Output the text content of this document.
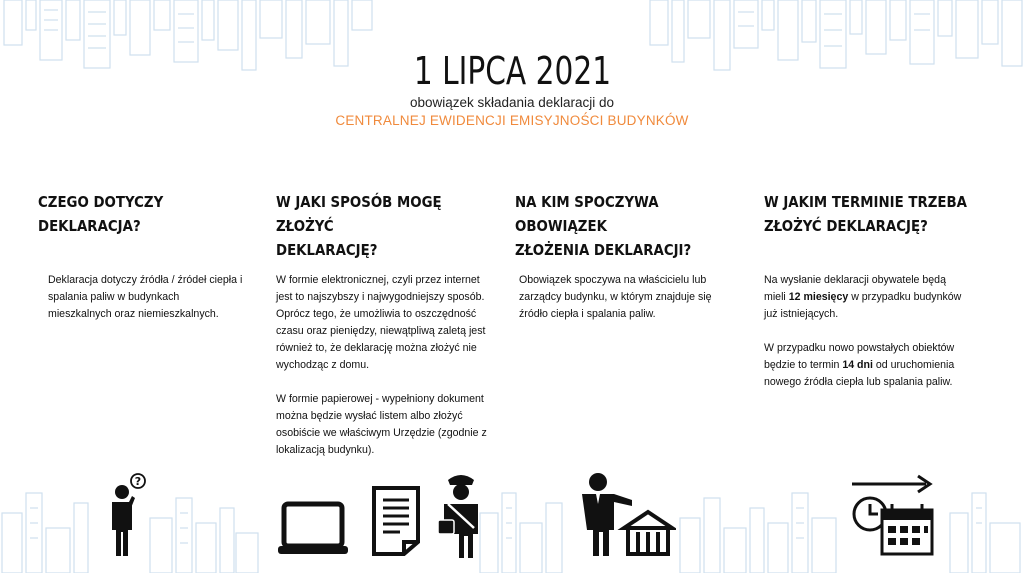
1 LIPCA 2021
obowiązek składania deklaracji do
CENTRALNEJ EWIDENCJI EMISYJNOŚCI BUDYNKÓW
CZEGO DOTYCZY DEKLARACJA?

Deklaracja dotyczy źródła / źródeł ciepła i spalania paliw w budynkach mieszkalnych oraz niemieszkalnych.

W JAKI SPOSÓB MOGĘ ZŁOŻYĆ
DEKLARACJĘ?

W formie elektronicznej, czyli przez internet jest to najszybszy i najwygodniejszy sposób. Oprócz tego, że umożliwia to oszczędność czasu oraz pieniędzy, niewątpliwą zaletą jest również to, że deklarację można złożyć nie wychodząc z domu.

W formie papierowej - wypełniony dokument można będzie wysłać listem albo złożyć osobiście we właściwym Urzędzie (zgodnie z lokalizacją budynku).

NA KIM SPOCZYWA OBOWIĄZEK
ZŁOŻENIA DEKLARACJI?

Obowiązek spoczywa na właścicielu lub zarządcy budynku, w którym znajduje się źródło ciepła i spalania paliw.

W JAKIM TERMINIE TRZEBA
ZŁOŻYĆ DEKLARACJĘ?

Na wysłanie deklaracji obywatele będą mieli 12 miesięcy w przypadku budynków już istniejących.

W przypadku nowo powstałych obiektów będzie to termin 14 dni od uruchomienia nowego źródła ciepła lub spalania paliw.

?
